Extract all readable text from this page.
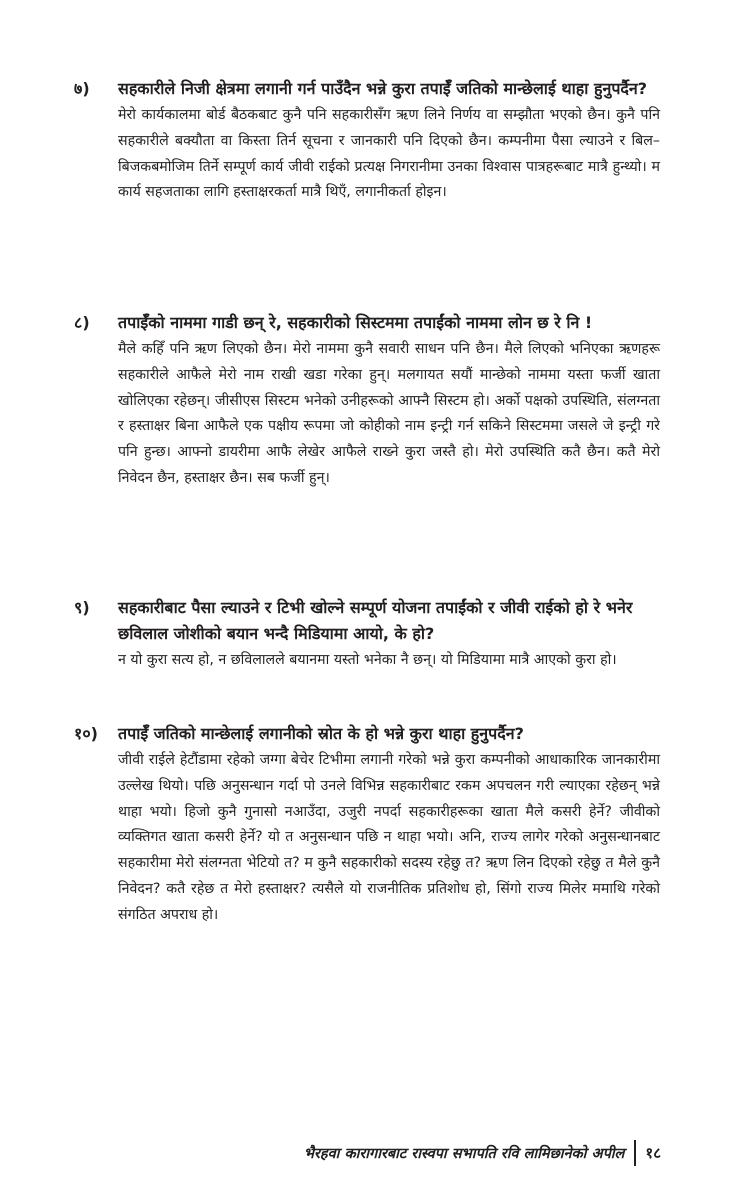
७) सहकारीले निजी क्षेत्रमा लगानी गर्न पाउँदैन भन्ने कुरा तपाईँ जतिको मान्छेलाई थाहा हुनुपर्दैन?

मेरो कार्यकालमा बोर्ड बैठकबाट कुनै पनि सहकारीसँग ऋण लिने निर्णय वा सम्झौता भएको छैन। कुनै पनि सहकारीले बक्यौता वा किस्ता तिर्न सूचना र जानकारी पनि दिएको छैन। कम्पनीमा पैसा ल्याउने र बिल–बिजकबमोजिम तिर्ने सम्पूर्ण कार्य जीवी राईको प्रत्यक्ष निगरानीमा उनका विश्वास पात्रहरूबाट मात्रै हुन्थ्यो। म कार्य सहजताका लागि हस्ताक्षरकर्ता मात्रै थिएँ, लगानीकर्ता होइन।

८) तपाईँको नाममा गाडी छन् रे, सहकारीको सिस्टममा तपाईंको नाममा लोन छ रे नि !

मैले कहिँ पनि ऋण लिएको छैन। मेरो नाममा कुनै सवारी साधन पनि छैन। मैले लिएको भनिएका ऋणहरू सहकारीले आफैले मेरो नाम राखी खडा गरेका हुन्। मलगायत सयौं मान्छेको नाममा यस्ता फर्जी खाता खोलिएका रहेछन्। जीसीएस सिस्टम भनेको उनीहरूको आफ्नै सिस्टम हो। अर्को पक्षको उपस्थिति, संलग्नता र हस्ताक्षर बिना आफैले एक पक्षीय रूपमा जो कोहीको नाम इन्ट्री गर्न सकिने सिस्टममा जसले जे इन्ट्री गरे पनि हुन्छ। आफ्नो डायरीमा आफै लेखेर आफैले राख्ने कुरा जस्तै हो। मेरो उपस्थिति कतै छैन। कतै मेरो निवेदन छैन, हस्ताक्षर छैन। सब फर्जी हुन्।

९) सहकारीबाट पैसा ल्याउने र टिभी खोल्ने सम्पूर्ण योजना तपाईंको र जीवी राईको हो रे भनेर छविलाल जोशीको बयान भन्दै मिडियामा आयो, के हो?

न यो कुरा सत्य हो, न छविलालले बयानमा यस्तो भनेका नै छन्। यो मिडियामा मात्रै आएको कुरा हो।

१०) तपाईँ जतिको मान्छेलाई लगानीको स्रोत के हो भन्ने कुरा थाहा हुनुपर्दैन?

जीवी राईले हेटौंडामा रहेको जग्गा बेचेर टिभीमा लगानी गरेको भन्ने कुरा कम्पनीको आधाकारिक जानकारीमा उल्लेख थियो। पछि अनुसन्धान गर्दा पो उनले विभिन्न सहकारीबाट रकम अपचलन गरी ल्याएका रहेछन् भन्ने थाहा भयो। हिजो कुनै गुनासो नआउँदा, उजुरी नपर्दा सहकारीहरूका खाता मैले कसरी हेर्ने? जीवीको व्यक्तिगत खाता कसरी हेर्ने? यो त अनुसन्धान पछि न थाहा भयो। अनि, राज्य लागेर गरेको अनुसन्धानबाट सहकारीमा मेरो संलग्नता भेटियो त? म कुनै सहकारीको सदस्य रहेछु त? ऋण लिन दिएको रहेछु त मैले कुनै निवेदन? कतै रहेछ त मेरो हस्ताक्षर? त्यसैले यो राजनीतिक प्रतिशोध हो, सिंगो राज्य मिलेर ममाथि गरेको संगठित अपराध हो।

भैरहवा कारागारबाट रास्वपा सभापति रवि लामिछानेको अपील १८
